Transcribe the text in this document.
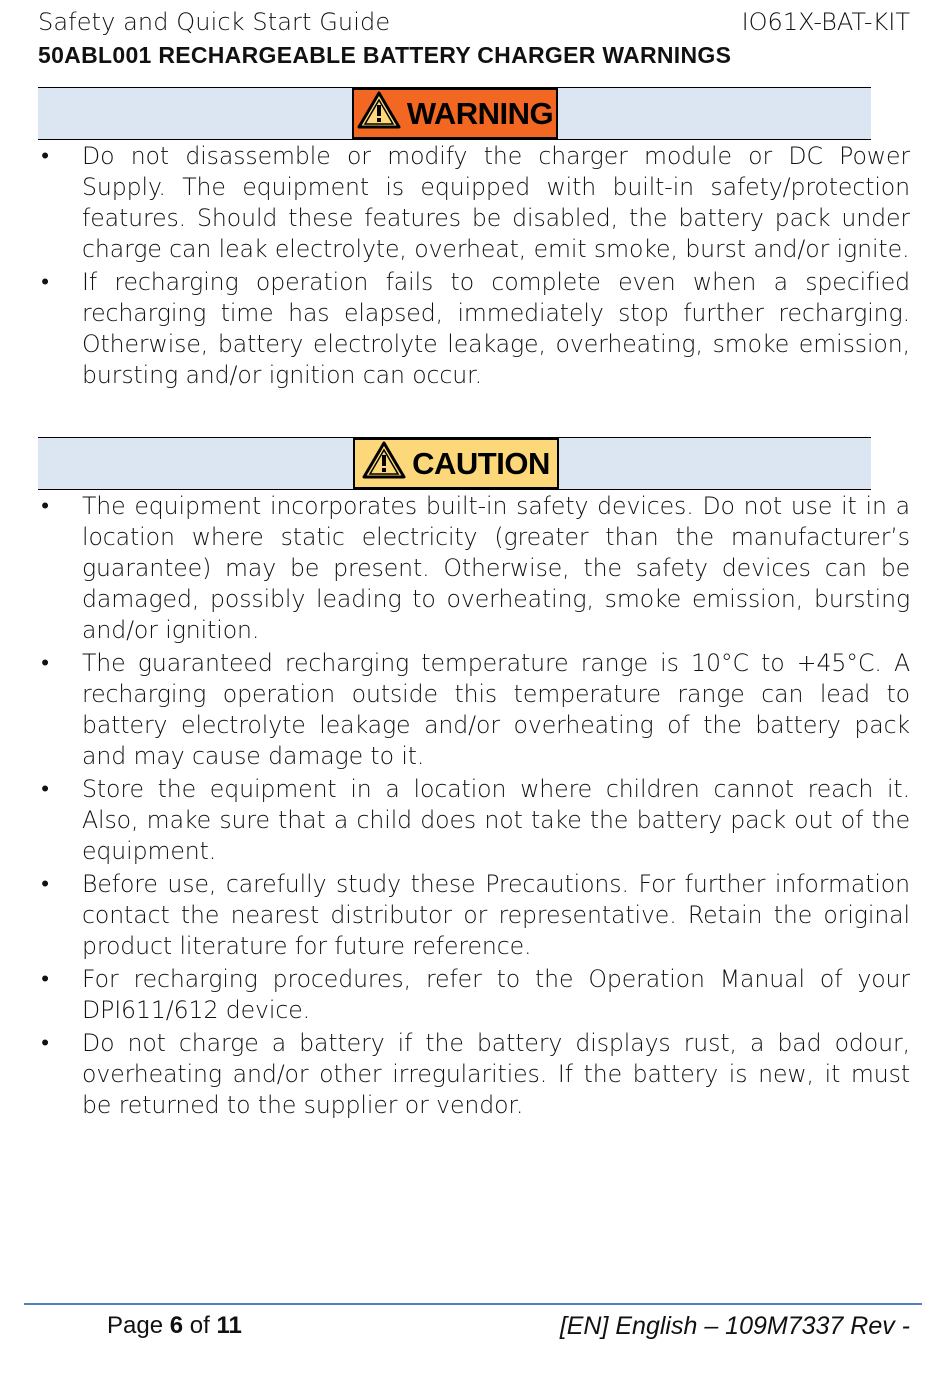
Safety and Quick Start Guide	IO61X-BAT-KIT
50ABL001 RECHARGEABLE BATTERY CHARGER WARNINGS
WARNING
• Do not disassemble or modify the charger module or DC Power Supply. The equipment is equipped with built-in safety/protection features. Should these features be disabled, the battery pack under charge can leak electrolyte, overheat, emit smoke, burst and/or ignite.
• If recharging operation fails to complete even when a specified recharging time has elapsed, immediately stop further recharging. Otherwise, battery electrolyte leakage, overheating, smoke emission, bursting and/or ignition can occur.
CAUTION
• The equipment incorporates built-in safety devices. Do not use it in a location where static electricity (greater than the manufacturer’s guarantee) may be present. Otherwise, the safety devices can be damaged, possibly leading to overheating, smoke emission, bursting and/or ignition.
• The guaranteed recharging temperature range is 10°C to +45°C. A recharging operation outside this temperature range can lead to battery electrolyte leakage and/or overheating of the battery pack and may cause damage to it.
• Store the equipment in a location where children cannot reach it. Also, make sure that a child does not take the battery pack out of the equipment.
• Before use, carefully study these Precautions. For further information contact the nearest distributor or representative. Retain the original product literature for future reference.
• For recharging procedures, refer to the Operation Manual of your DPI611/612 device.
• Do not charge a battery if the battery displays rust, a bad odour, overheating and/or other irregularities. If the battery is new, it must be returned to the supplier or vendor.
Page 6 of 11	[EN] English – 109M7337 Rev -
